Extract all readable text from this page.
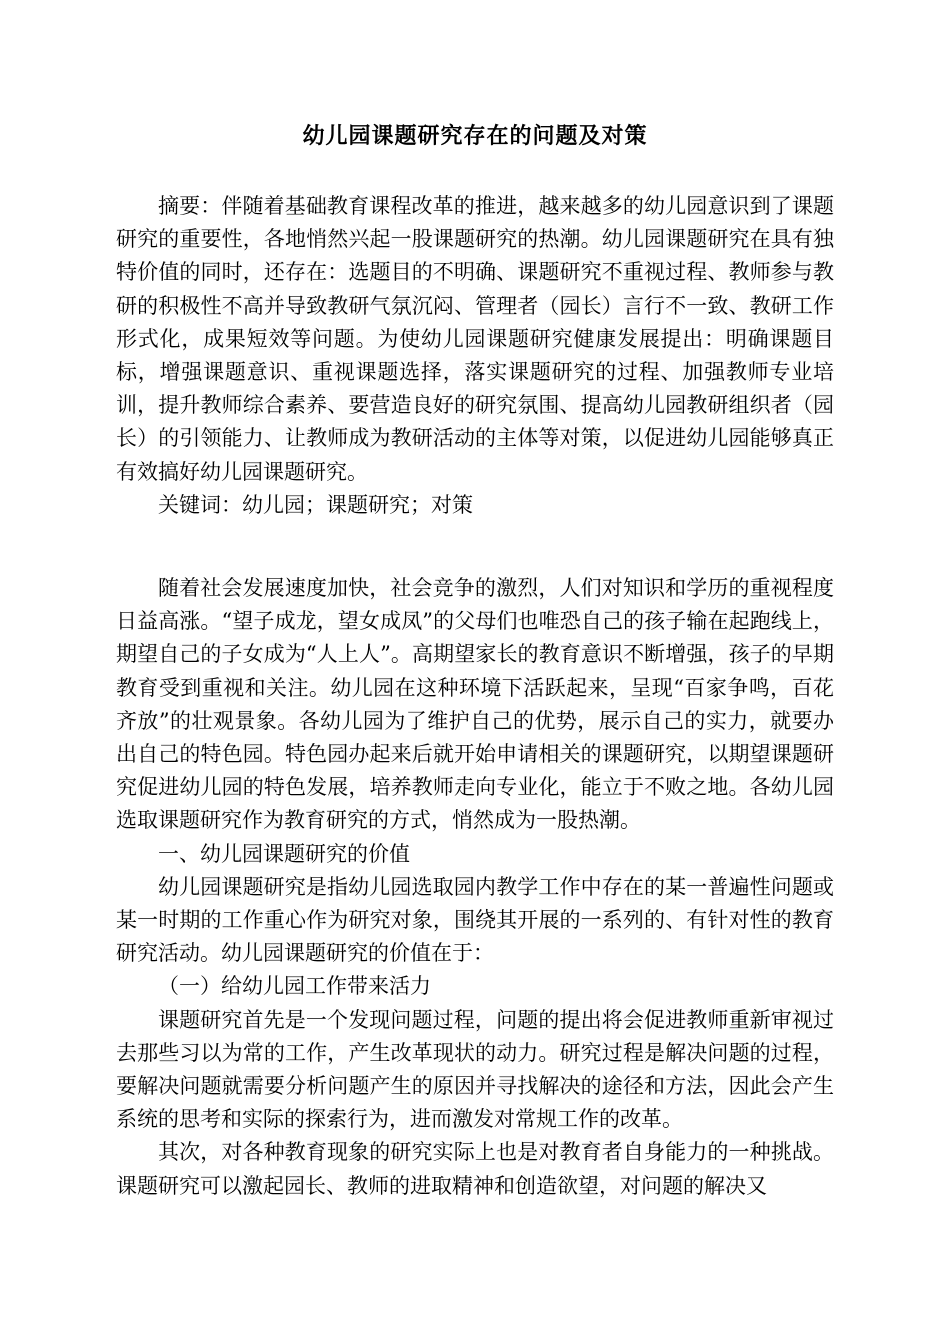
幼儿园课题研究存在的问题及对策

摘要：伴随着基础教育课程改革的推进，越来越多的幼儿园意识到了课题研究的重要性，各地悄然兴起一股课题研究的热潮。幼儿园课题研究在具有独特价值的同时，还存在：选题目的不明确、课题研究不重视过程、教师参与教研的积极性不高并导致教研气氛沉闷、管理者（园长）言行不一致、教研工作形式化，成果短效等问题。为使幼儿园课题研究健康发展提出：明确课题目标，增强课题意识、重视课题选择，落实课题研究的过程、加强教师专业培训，提升教师综合素养、要营造良好的研究氛围、提高幼儿园教研组织者（园长）的引领能力、让教师成为教研活动的主体等对策，以促进幼儿园能够真正有效搞好幼儿园课题研究。

关键词：幼儿园；课题研究；对策

随着社会发展速度加快，社会竞争的激烈，人们对知识和学历的重视程度日益高涨。“望子成龙，望女成凤”的父母们也唯恐自己的孩子输在起跑线上，期望自己的子女成为“人上人”。高期望家长的教育意识不断增强，孩子的早期教育受到重视和关注。幼儿园在这种环境下活跃起来，呈现“百家争鸣，百花齐放”的壮观景象。各幼儿园为了维护自己的优势，展示自己的实力，就要办出自己的特色园。特色园办起来后就开始申请相关的课题研究，以期望课题研究促进幼儿园的特色发展，培养教师走向专业化，能立于不败之地。各幼儿园选取课题研究作为教育研究的方式，悄然成为一股热潮。

一、幼儿园课题研究的价值

幼儿园课题研究是指幼儿园选取园内教学工作中存在的某一普遍性问题或某一时期的工作重心作为研究对象，围绕其开展的一系列的、有针对性的教育研究活动。幼儿园课题研究的价值在于：

（一）给幼儿园工作带来活力

课题研究首先是一个发现问题过程，问题的提出将会促进教师重新审视过去那些习以为常的工作，产生改革现状的动力。研究过程是解决问题的过程，要解决问题就需要分析问题产生的原因并寻找解决的途径和方法，因此会产生系统的思考和实际的探索行为，进而激发对常规工作的改革。

其次，对各种教育现象的研究实际上也是对教育者自身能力的一种挑战。课题研究可以激起园长、教师的进取精神和创造欲望，对问题的解决又
